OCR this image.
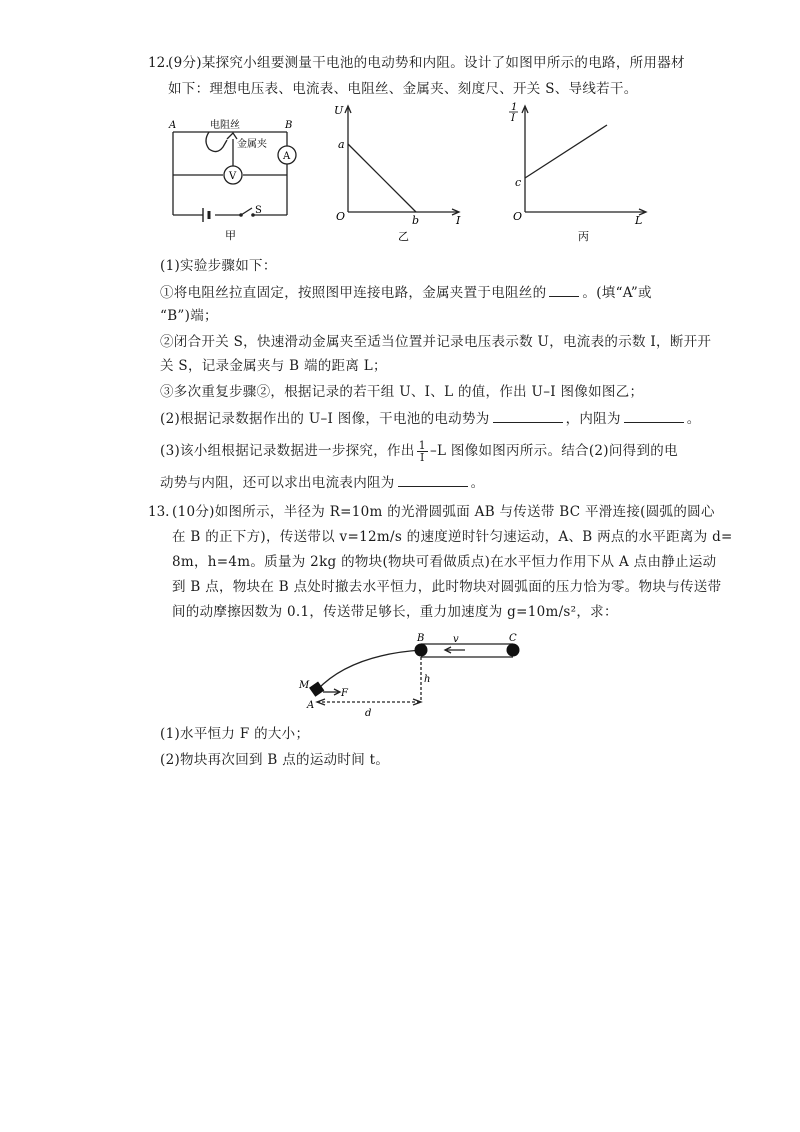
12.
(9分)某探究小组要测量干电池的电动势和内阻。设计了如图甲所示的电路，所用器材
如下：理想电压表、电流表、电阻丝、金属夹、刻度尺、开关 S、导线若干。
A
V
A	B
电阻丝
金属夹
S
甲
U
I
O
a
b
乙
1
I
L
O
c
丙
(1)实验步骤如下：
①将电阻丝拉直固定，按照图甲连接电路，金属夹置于电阻丝的	。(填“A”或
“B”)端；
②闭合开关 S，快速滑动金属夹至适当位置并记录电压表示数 U，电流表的示数 I，断开开
关 S，记录金属夹与 B 端的距离 L；
③多次重复步骤②，根据记录的若干组 U、I、L 的值，作出 U–I 图像如图乙；
(2)根据记录数据作出的 U–I 图像，干电池的电动势为	，内阻为	。
(3)该小组根据记录数据进一步探究，作出 $\frac{1}{I} -L$ 图像如图丙所示。结合(2)问得到的电
动势与内阻，还可以求出电流表内阻为	。
13. (10分)如图所示，半径为 R=10m 的光滑圆弧面 AB 与传送带 BC 平滑连接(圆弧的圆心
在 B 的正下方)，传送带以 v=12m/s 的速度逆时针匀速运动，A、B 两点的水平距离为 d=
8m，h=4m。质量为 2kg 的物块(物块可看做质点)在水平恒力作用下从 A 点由静止运动
到 B 点，物块在 B 点处时撤去水平恒力，此时物块对圆弧面的压力恰为零。物块与传送带
间的动摩擦因数为 0.1，传送带足够长，重力加速度为 g=10m/s²，求：
B	C
v
M
F
A
h
d
(1)水平恒力 F 的大小；
(2)物块再次回到 B 点的运动时间 t。
